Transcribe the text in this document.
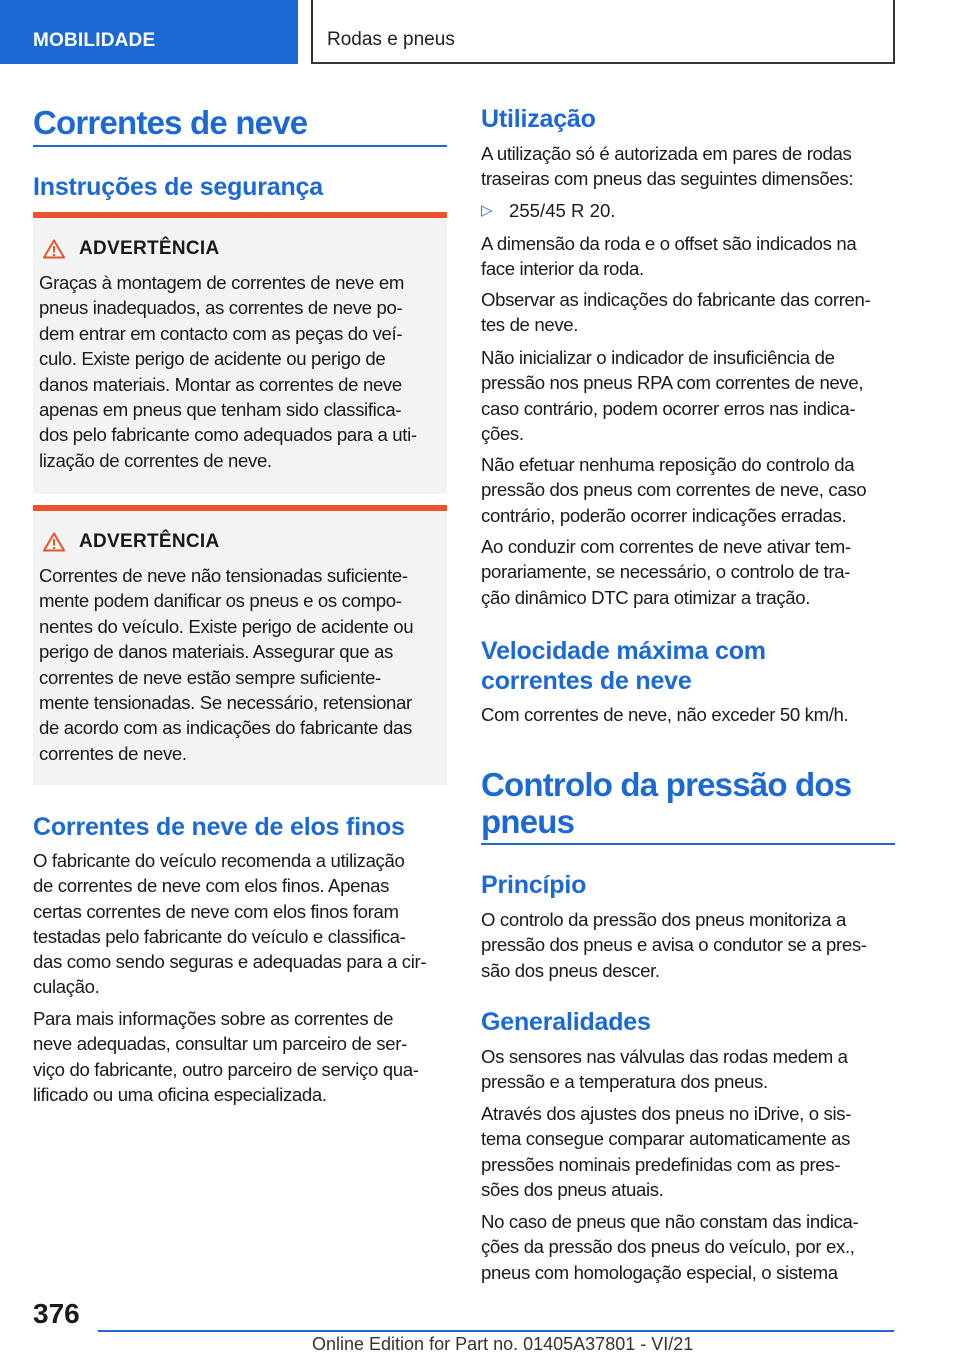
MOBILIDADE	Rodas e pneus
Correntes de neve
Instruções de segurança
ADVERTÊNCIA
Graças à montagem de correntes de neve em
pneus inadequados, as correntes de neve po-
dem entrar em contacto com as peças do veí-
culo. Existe perigo de acidente ou perigo de
danos materiais. Montar as correntes de neve
apenas em pneus que tenham sido classifica-
dos pelo fabricante como adequados para a uti-
lização de correntes de neve.
ADVERTÊNCIA
Correntes de neve não tensionadas suficiente-
mente podem danificar os pneus e os compo-
nentes do veículo. Existe perigo de acidente ou
perigo de danos materiais. Assegurar que as
correntes de neve estão sempre suficiente-
mente tensionadas. Se necessário, retensionar
de acordo com as indicações do fabricante das
correntes de neve.
Correntes de neve de elos finos
O fabricante do veículo recomenda a utilização
de correntes de neve com elos finos. Apenas
certas correntes de neve com elos finos foram
testadas pelo fabricante do veículo e classifica-
das como sendo seguras e adequadas para a cir-
culação.
Para mais informações sobre as correntes de
neve adequadas, consultar um parceiro de ser-
viço do fabricante, outro parceiro de serviço qua-
lificado ou uma oficina especializada.
Utilização
A utilização só é autorizada em pares de rodas
traseiras com pneus das seguintes dimensões:
▷ 255/45 R 20.
A dimensão da roda e o offset são indicados na
face interior da roda.
Observar as indicações do fabricante das corren-
tes de neve.
Não inicializar o indicador de insuficiência de
pressão nos pneus RPA com correntes de neve,
caso contrário, podem ocorrer erros nas indica-
ções.
Não efetuar nenhuma reposição do controlo da
pressão dos pneus com correntes de neve, caso
contrário, poderão ocorrer indicações erradas.
Ao conduzir com correntes de neve ativar tem-
porariamente, se necessário, o controlo de tra-
ção dinâmico DTC para otimizar a tração.
Velocidade máxima com
correntes de neve
Com correntes de neve, não exceder 50 km/h.
Controlo da pressão dos
pneus
Princípio
O controlo da pressão dos pneus monitoriza a
pressão dos pneus e avisa o condutor se a pres-
são dos pneus descer.
Generalidades
Os sensores nas válvulas das rodas medem a
pressão e a temperatura dos pneus.
Através dos ajustes dos pneus no iDrive, o sis-
tema consegue comparar automaticamente as
pressões nominais predefinidas com as pres-
sões dos pneus atuais.
No caso de pneus que não constam das indica-
ções da pressão dos pneus do veículo, por ex.,
pneus com homologação especial, o sistema
376
Online Edition for Part no. 01405A37801 - VI/21
